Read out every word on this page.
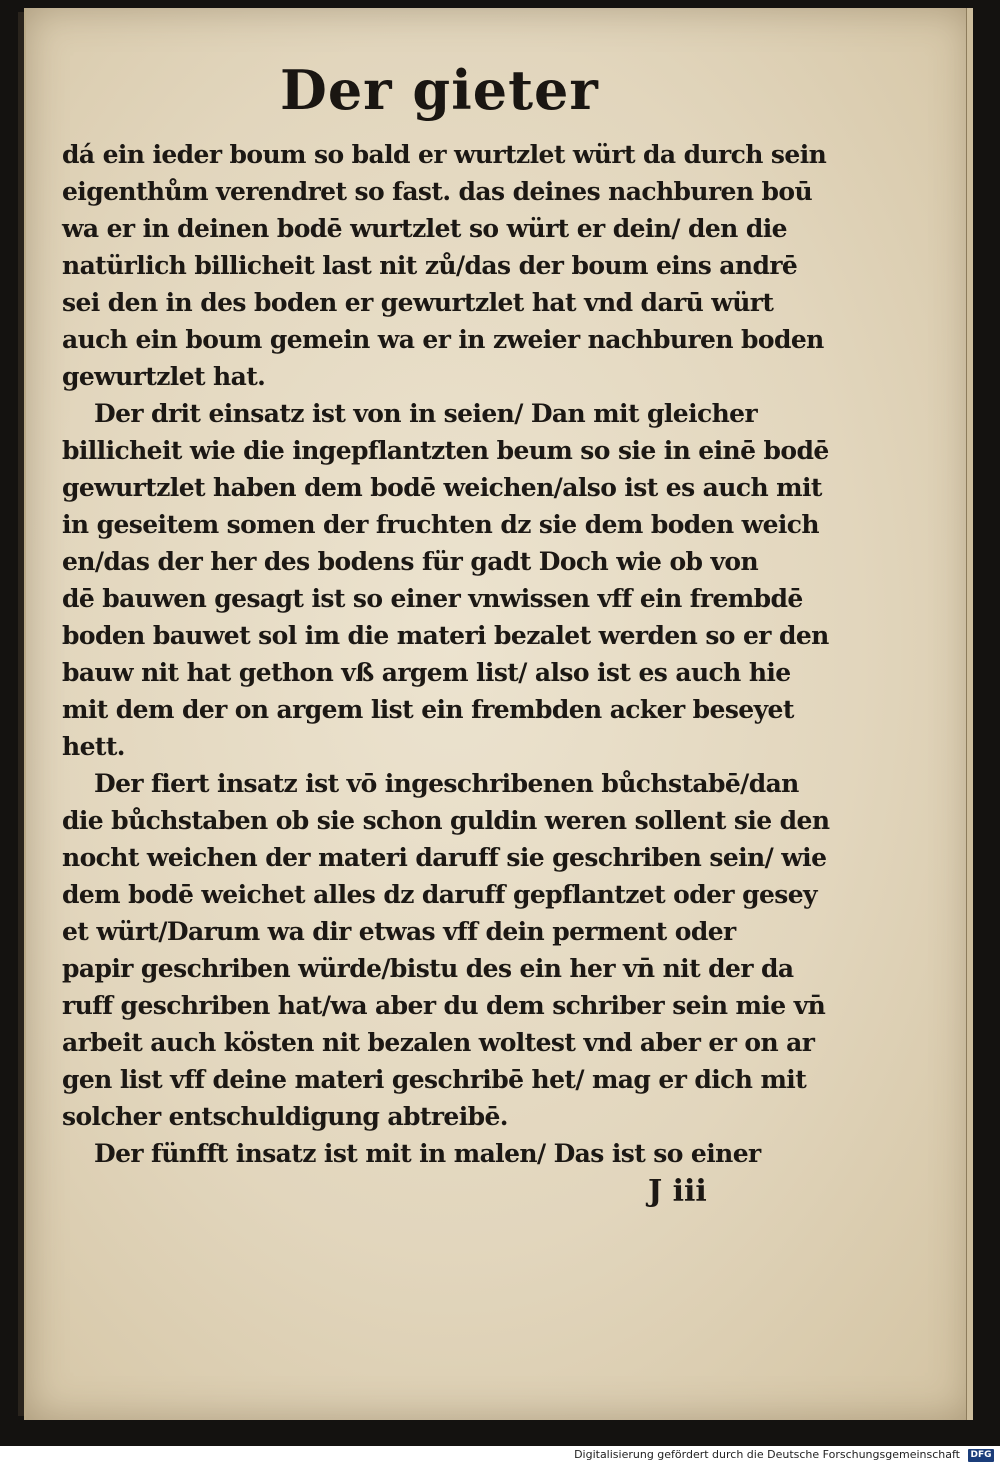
Der gieter
dá ein ieder boum so bald er wurtzlet würt da durch sein
eigenthům verendret so fast. das deines nachburen boū
wa er in deinen bodē wurtzlet so würt er dein/ den die
natürlich billicheit last nit zů/das der boum eins andrē
sei den in des boden er gewurtzlet hat vnd darū würt
auch ein boum gemein wa er in zweier nachburen boden
gewurtzlet hat.
Der drit einsatz ist von in seien/ Dan mit gleicher
billicheit wie die ingepflantzten beum so sie in einē bodē
gewurtzlet haben dem bodē weichen/also ist es auch mit
in geseitem somen der fruchten dz sie dem boden weich
en/das der her des bodens für gadt Doch wie ob von
dē bauwen gesagt ist so einer vnwissen vff ein frembdē
boden bauwet sol im die materi bezalet werden so er den
bauw nit hat gethon vß argem list/ also ist es auch hie
mit dem der on argem list ein frembden acker beseyet
hett.
Der fiert insatz ist vō ingeschribenen bůchstabē/dan
die bůchstaben ob sie schon guldin weren sollent sie den
nocht weichen der materi daruff sie geschriben sein/ wie
dem bodē weichet alles dz daruff gepflantzet oder gesey
et würt/Darum wa dir etwas vff dein perment oder
papir geschriben würde/bistu des ein her vn̄ nit der da
ruff geschriben hat/wa aber du dem schriber sein mie vn̄
arbeit auch kösten nit bezalen woltest vnd aber er on ar
gen list vff deine materi geschribē het/ mag er dich mit
solcher entschuldigung abtreibē.
Der fünfft insatz ist mit in malen/ Das ist so einer
J iii
Digitalisierung gefördert durch die Deutsche Forschungsgemeinschaft DFG
